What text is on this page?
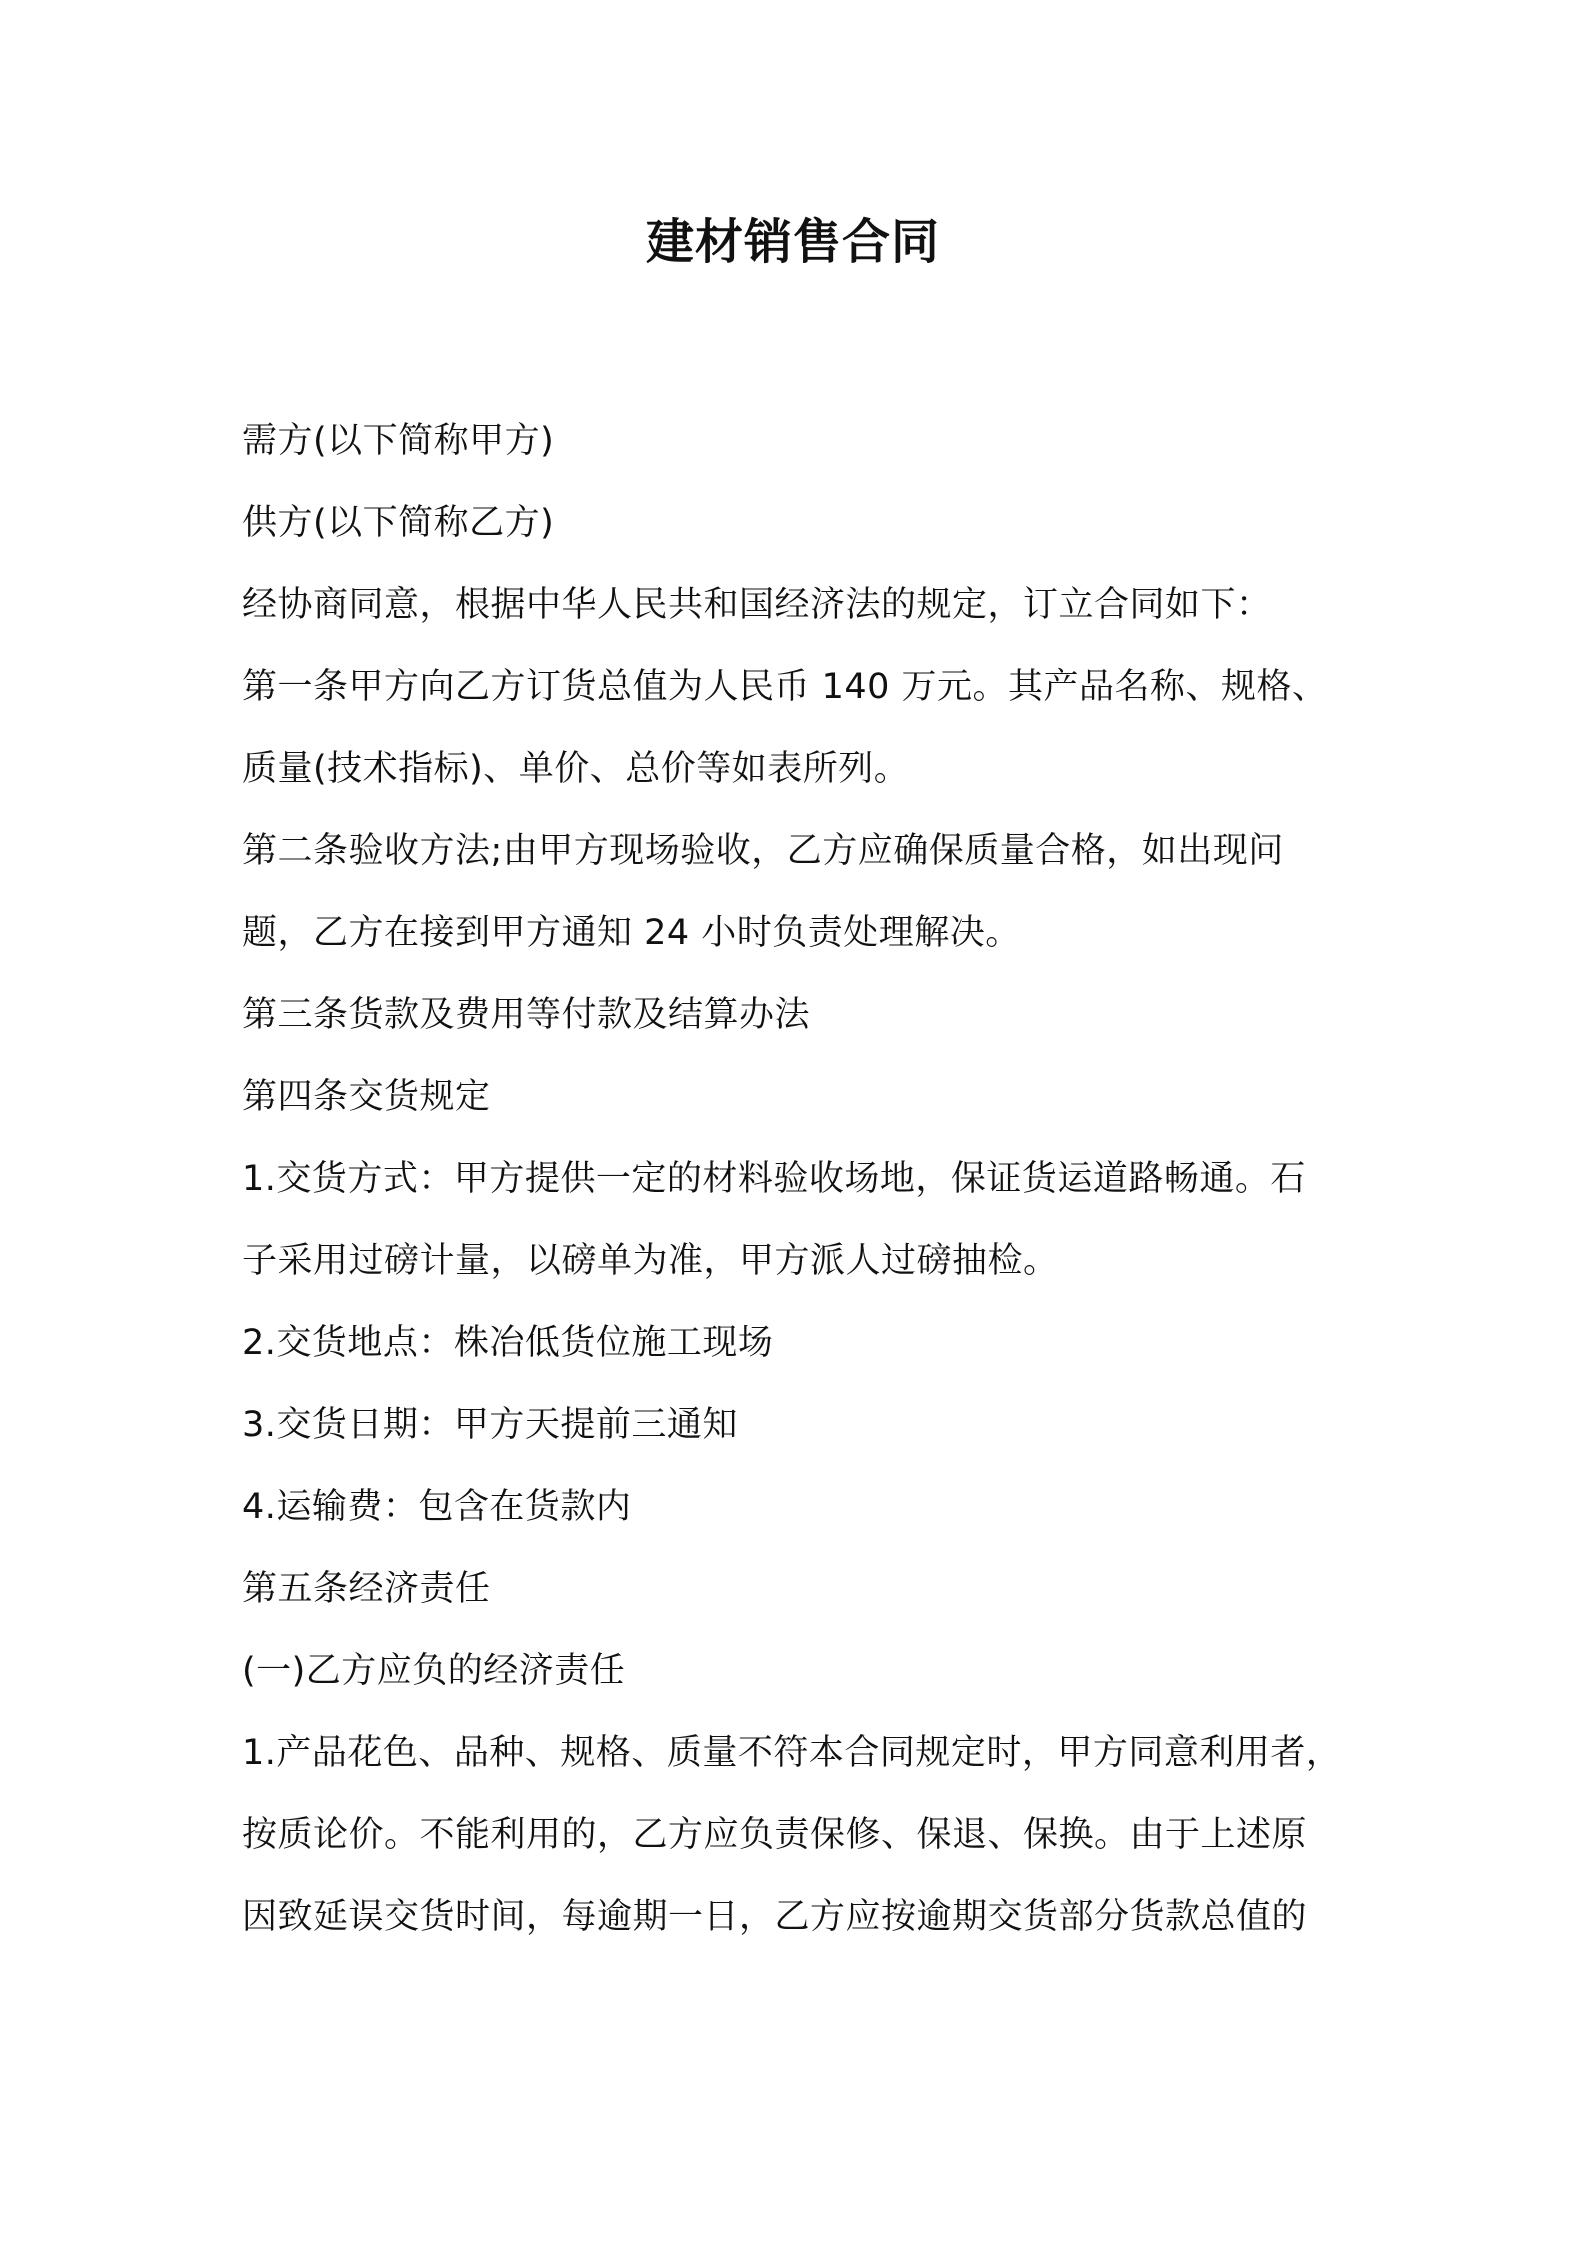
建材销售合同

需方(以下简称甲方)

供方(以下简称乙方)

经协商同意，根据中华人民共和国经济法的规定，订立合同如下：

第一条甲方向乙方订货总值为人民币 140 万元。其产品名称、规格、

质量(技术指标)、单价、总价等如表所列。

第二条验收方法;由甲方现场验收，乙方应确保质量合格，如出现问

题，乙方在接到甲方通知 24 小时负责处理解决。

第三条货款及费用等付款及结算办法

第四条交货规定

1.交货方式：甲方提供一定的材料验收场地，保证货运道路畅通。石

子采用过磅计量，以磅单为准，甲方派人过磅抽检。

2.交货地点：株冶低货位施工现场

3.交货日期：甲方天提前三通知

4.运输费：包含在货款内

第五条经济责任

(一)乙方应负的经济责任

1.产品花色、品种、规格、质量不符本合同规定时，甲方同意利用者，

按质论价。不能利用的，乙方应负责保修、保退、保换。由于上述原

因致延误交货时间，每逾期一日，乙方应按逾期交货部分货款总值的
